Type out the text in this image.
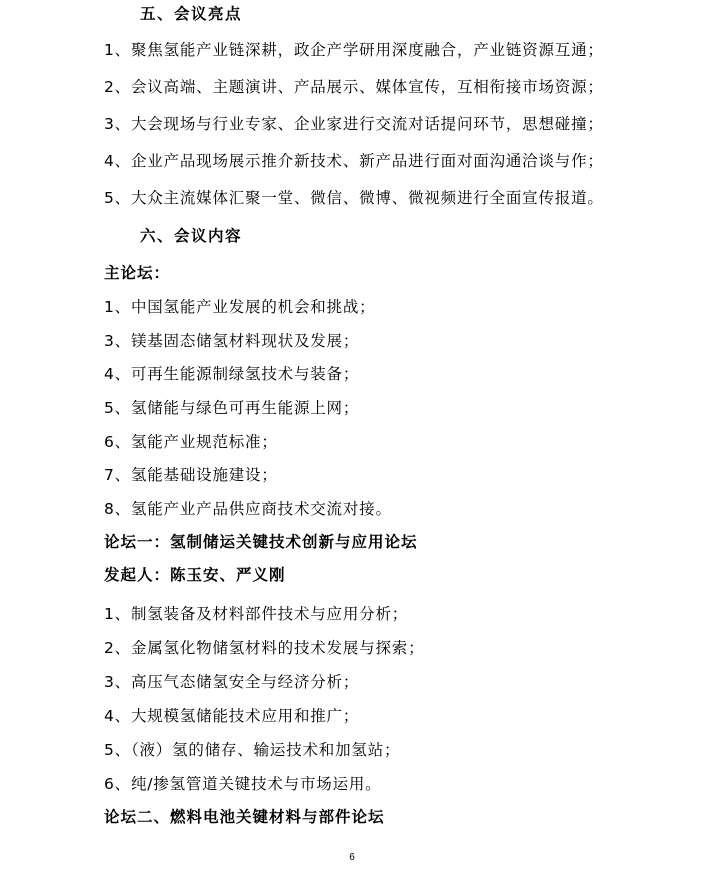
五、会议亮点
1、聚焦氢能产业链深耕，政企产学研用深度融合，产业链资源互通；
2、会议高端、主题演讲、产品展示、媒体宣传，互相衔接市场资源；
3、大会现场与行业专家、企业家进行交流对话提问环节，思想碰撞；
4、企业产品现场展示推介新技术、新产品进行面对面沟通洽谈与作；
5、大众主流媒体汇聚一堂、微信、微博、微视频进行全面宣传报道。
六、会议内容
主论坛：
1、中国氢能产业发展的机会和挑战；
3、镁基固态储氢材料现状及发展；
4、可再生能源制绿氢技术与装备；
5、氢储能与绿色可再生能源上网；
6、氢能产业规范标准；
7、氢能基础设施建设；
8、氢能产业产品供应商技术交流对接。
论坛一：氢制储运关键技术创新与应用论坛
发起人：陈玉安、严义刚
1、制氢装备及材料部件技术与应用分析；
2、金属氢化物储氢材料的技术发展与探索；
3、高压气态储氢安全与经济分析；
4、大规模氢储能技术应用和推广；
5、（液）氢的储存、输运技术和加氢站；
6、纯/掺氢管道关键技术与市场运用。
论坛二、燃料电池关键材料与部件论坛
6
